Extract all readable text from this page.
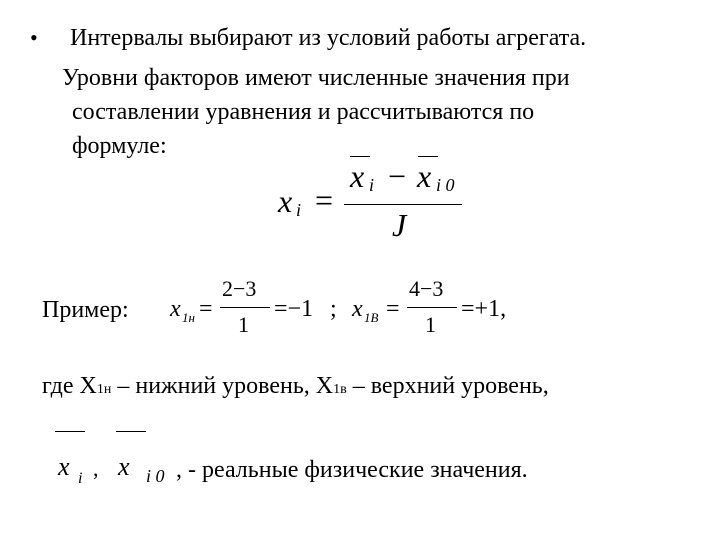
• Интервалы выбирают из условий работы агрегата.
Уровни факторов имеют численные значения при
составлении уравнения и рассчитываются по
формуле:
x i =
x i − x i 0
J
Пример: x 1н =
2−3
1
=−1 ; x 1B =
4−3
1
=+1,
где Х1н – нижний уровень, Х1в – верхний уровень,
x i , x i 0 , - реальные физические значения.
